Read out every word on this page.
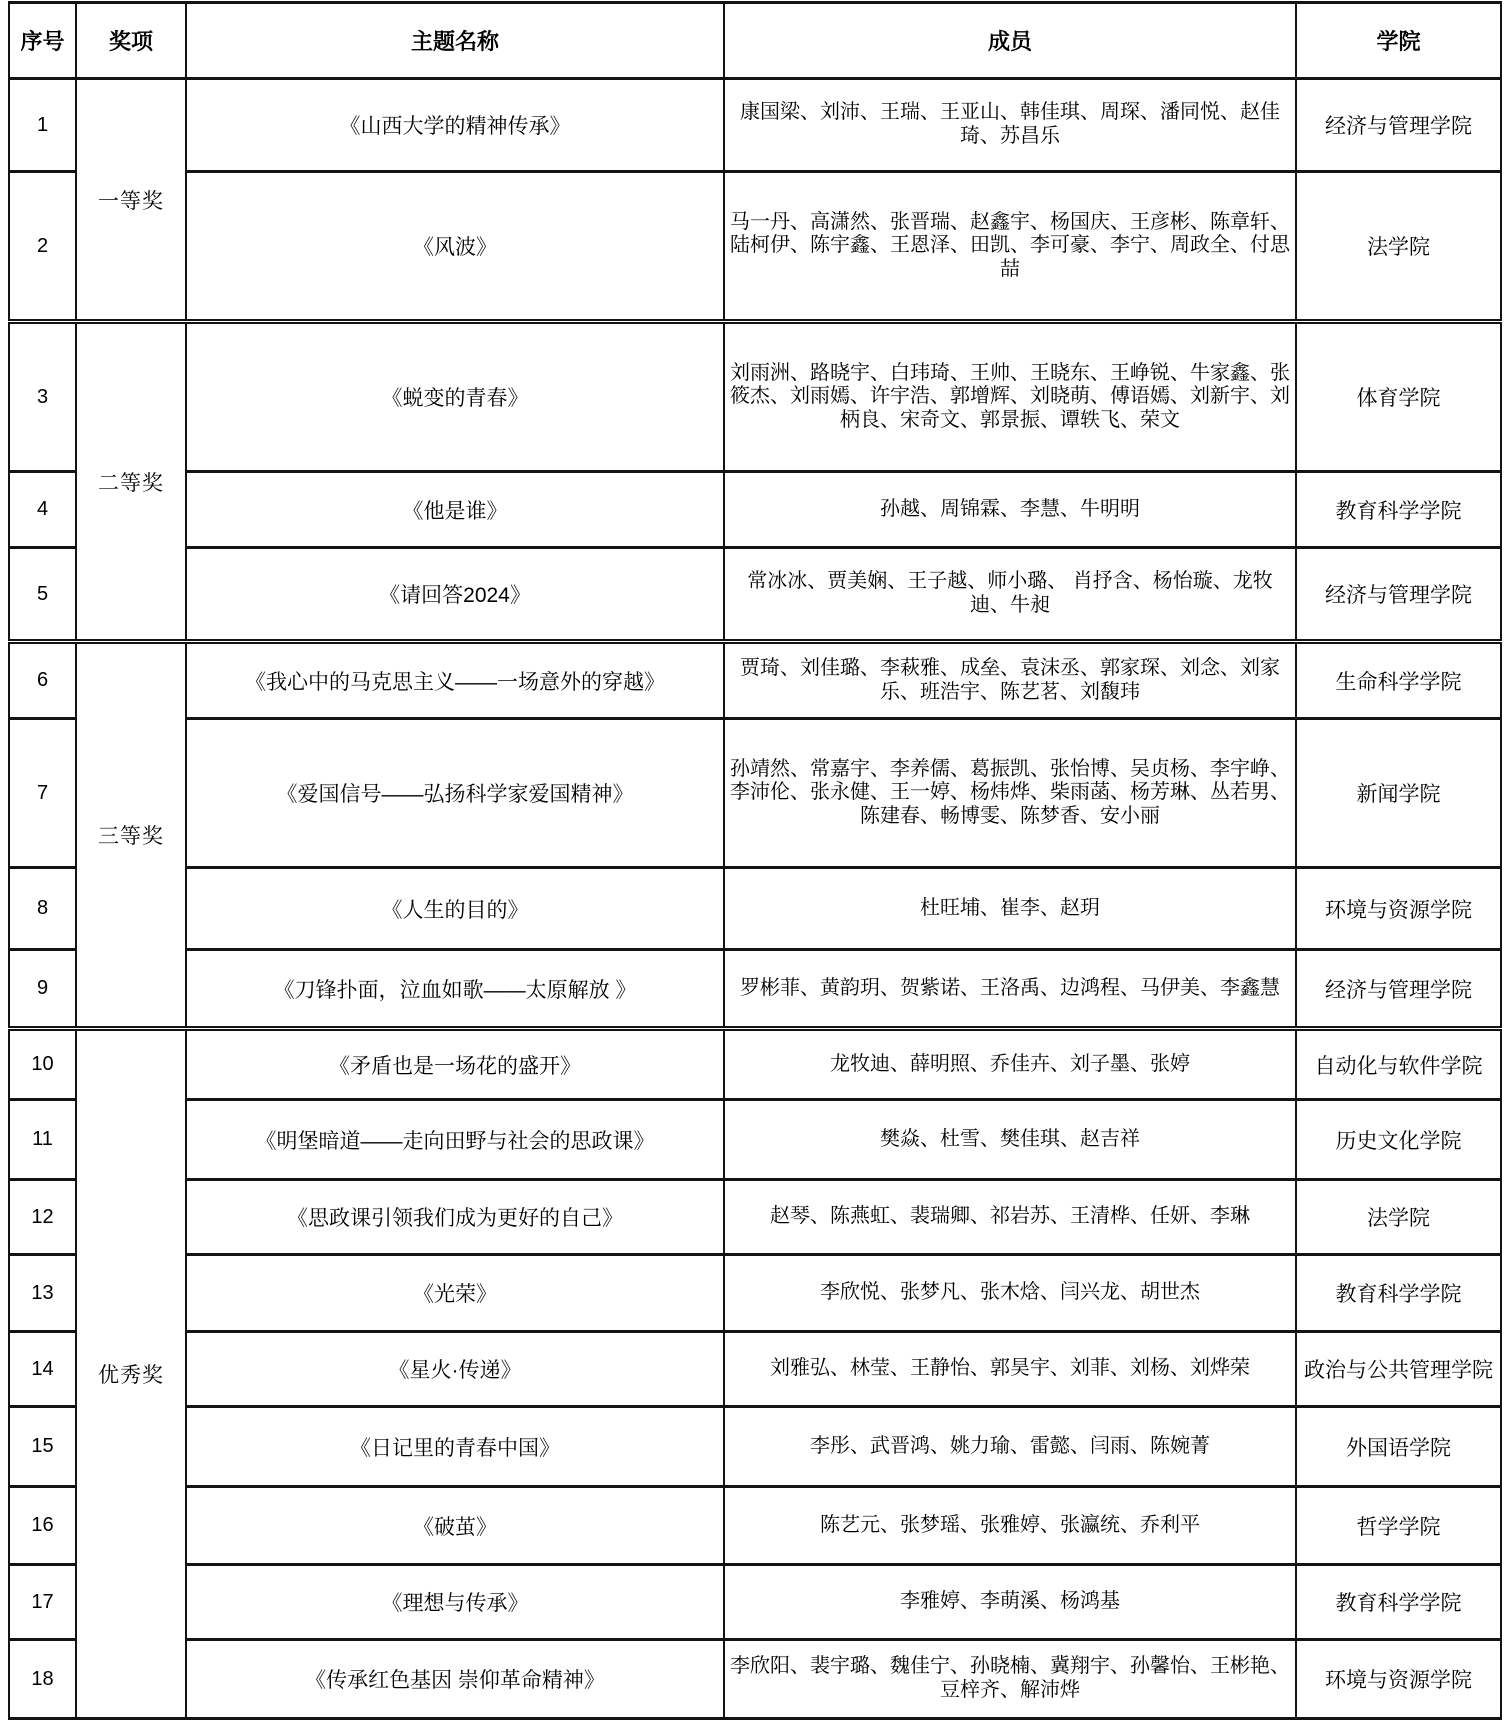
序号	奖项	主题名称	成员	学院
1	一等奖	《山西大学的精神传承》	康国梁、刘沛、王瑞、王亚山、韩佳琪、周琛、潘同悦、赵佳琦、苏昌乐	经济与管理学院
2		《风波》	马一丹、高潇然、张晋瑞、赵鑫宇、杨国庆、王彦彬、陈章轩、陆柯伊、陈宇鑫、王恩泽、田凯、李可豪、李宁、周政全、付思喆	法学院
3	二等奖	《蜕变的青春》	刘雨洲、路晓宇、白玮琦、王帅、王晓东、王峥锐、牛家鑫、张筱杰、刘雨嫣、许宇浩、郭增辉、刘晓萌、傅语嫣、刘新宇、刘柄良、宋奇文、郭景振、谭轶飞、荣文	体育学院
4		《他是谁》	孙越、周锦霖、李慧、牛明明	教育科学学院
5		《请回答2024》	常冰冰、贾美娴、王子越、师小璐、 肖抒含、杨怡璇、龙牧迪、牛昶	经济与管理学院
6	三等奖	《我心中的马克思主义——一场意外的穿越》	贾琦、刘佳璐、李萩雅、成垒、袁沫丞、郭家琛、刘念、刘家乐、班浩宇、陈艺茗、刘馥玮	生命科学学院
7		《爱国信号——弘扬科学家爱国精神》	孙靖然、常嘉宇、李养儒、葛振凯、张怡博、吴贞杨、李宇峥、李沛伦、张永健、王一婷、杨炜烨、柴雨菡、杨芳琳、丛若男、陈建春、畅博雯、陈梦香、安小丽	新闻学院
8		《人生的目的》	杜旺埔、崔李、赵玥	环境与资源学院
9		《刀锋扑面，泣血如歌——太原解放 》	罗彬菲、黄韵玥、贺紫诺、王洛禹、边鸿程、马伊美、李鑫慧	经济与管理学院
10	优秀奖	《矛盾也是一场花的盛开》	龙牧迪、薛明照、乔佳卉、刘子墨、张婷	自动化与软件学院
11		《明堡暗道——走向田野与社会的思政课》	樊焱、杜雪、樊佳琪、赵吉祥	历史文化学院
12		《思政课引领我们成为更好的自己》	赵琴、陈燕虹、裴瑞卿、祁岩苏、王清桦、任妍、李琳	法学院
13		《光荣》	李欣悦、张梦凡、张木焓、闫兴龙、胡世杰	教育科学学院
14		《星火·传递》	刘雅弘、林莹、王静怡、郭昊宇、刘菲、刘杨、刘烨荣	政治与公共管理学院
15		《日记里的青春中国》	李彤、武晋鸿、姚力瑜、雷懿、闫雨、陈婉菁	外国语学院
16		《破茧》	陈艺元、张梦瑶、张雅婷、张瀛统、乔利平	哲学学院
17		《理想与传承》	李雅婷、李萌溪、杨鸿基	教育科学学院
18		《传承红色基因 崇仰革命精神》	李欣阳、裴宇璐、魏佳宁、孙晓楠、冀翔宇、孙馨怡、王彬艳、豆梓齐、解沛烨	环境与资源学院
